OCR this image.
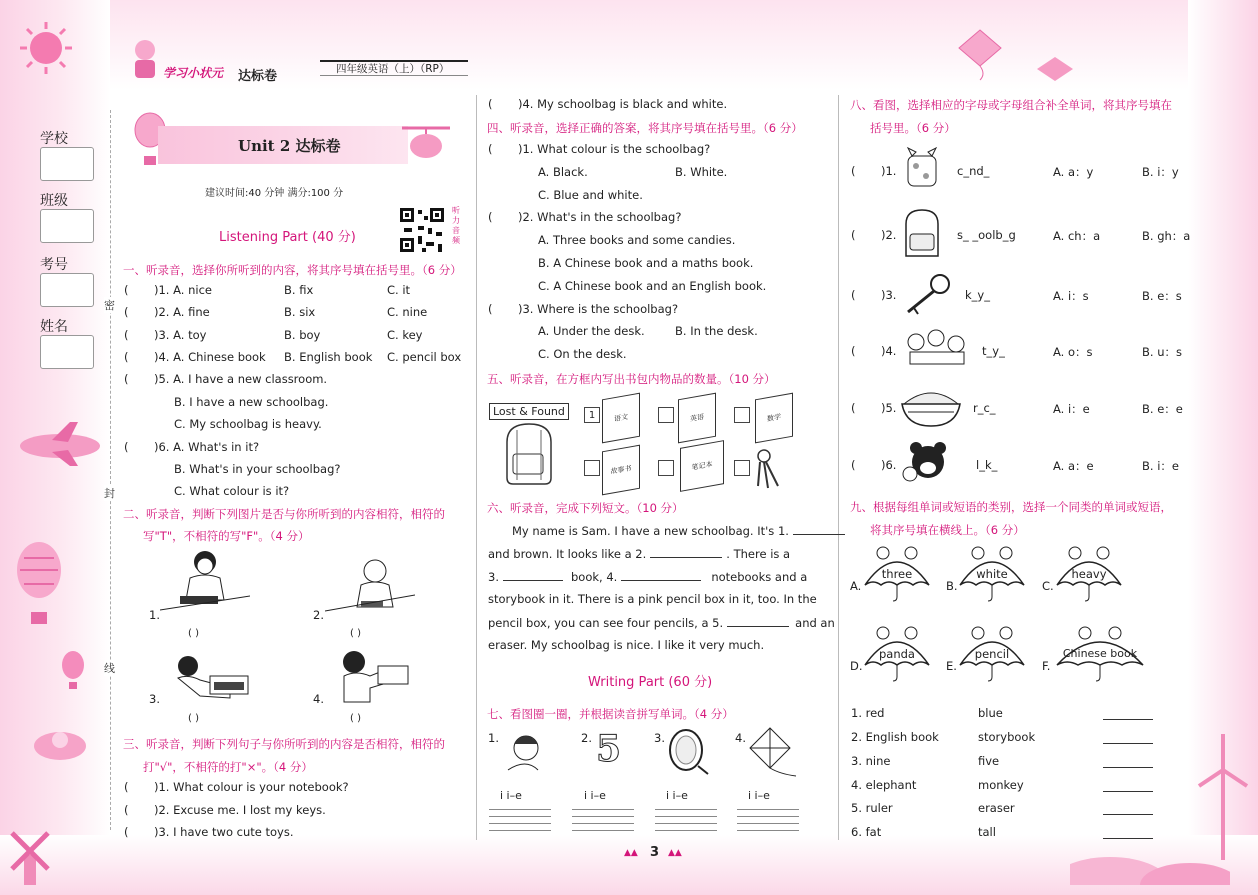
学习小状元 达标卷	四年级英语（上）（RP）
学校
班级
考号
姓名
密
封
线
Unit 2 达标卷
建议时间:40 分钟 满分:100 分
Listening Part (40 分)
听力音频
一、听录音，选择你所听到的内容，将其序号填在括号里。（6 分）
( )1. A. nice	B. fix	C. it
( )2. A. fine	B. six	C. nine
( )3. A. toy	B. boy	C. key
( )4. A. Chinese book B. English book C. pencil box
( )5. A. I have a new classroom.
B. I have a new schoolbag.
C. My schoolbag is heavy.
( )6. A. What's in it?
B. What's in your schoolbag?
C. What colour is it?
二、听录音，判断下列图片是否与你所听到的内容相符，相符的
写"T"，不相符的写"F"。（4 分）
1.
( )
2.
( )
3.
( )
4.
( )
三、听录音，判断下列句子与你所听到的内容是否相符，相符的
打"√"，不相符的打"×"。（4 分）
( )1. What colour is your notebook?
( )2. Excuse me. I lost my keys.
( )3. I have two cute toys.
( )4. My schoolbag is black and white.
四、听录音，选择正确的答案，将其序号填在括号里。（6 分）
( )1. What colour is the schoolbag?
A. Black.	B. White.
C. Blue and white.
( )2. What's in the schoolbag?
A. Three books and some candies.
B. A Chinese book and a maths book.
C. A Chinese book and an English book.
( )3. Where is the schoolbag?
A. Under the desk.	B. In the desk.
C. On the desk.
五、听录音，在方框内写出书包内物品的数量。（10 分）
Lost & Found	1	语文	英语	数学
故事书	笔记本
六、听录音，完成下列短文。（10 分）
My name is Sam. I have a new schoolbag. It's 1.
and brown. It looks like a 2.	. There is a
3.	book, 4.	notebooks and a
storybook in it. There is a pink pencil box in it, too. In the
pencil box, you can see four pencils, a 5.	and an
eraser. My schoolbag is nice. I like it very much.
Writing Part (60 分)
七、看图圈一圈，并根据读音拼写单词。（4 分）
1.	2. 5	3.	4.
i i–e	i i–e	i i–e	i i–e
▲▲ 3 ▲▲
八、看图，选择相应的字母或字母组合补全单词，将其序号填在
括号里。（6 分）
( )1.	c_nd_	A. a：y	B. i：y
( )2.	s_ _oolb_g	A. ch：a	B. gh：a
( )3.	k_y_	A. i：s	B. e：s
( )4.	t_y_	A. o：s	B. u：s
( )5.	r_c_	A. i：e	B. e：e
( )6.	l_k_	A. a：e	B. i：e
九、根据每组单词或短语的类别，选择一个同类的单词或短语，
将其序号填在横线上。（6 分）
A.
three
B.
white
C.
heavy
D.
panda
E.
pencil
F.
Chinese book
1. red	blue
2. English book	storybook
3. nine	five
4. elephant	monkey
5. ruler	eraser
6. fat	tall
